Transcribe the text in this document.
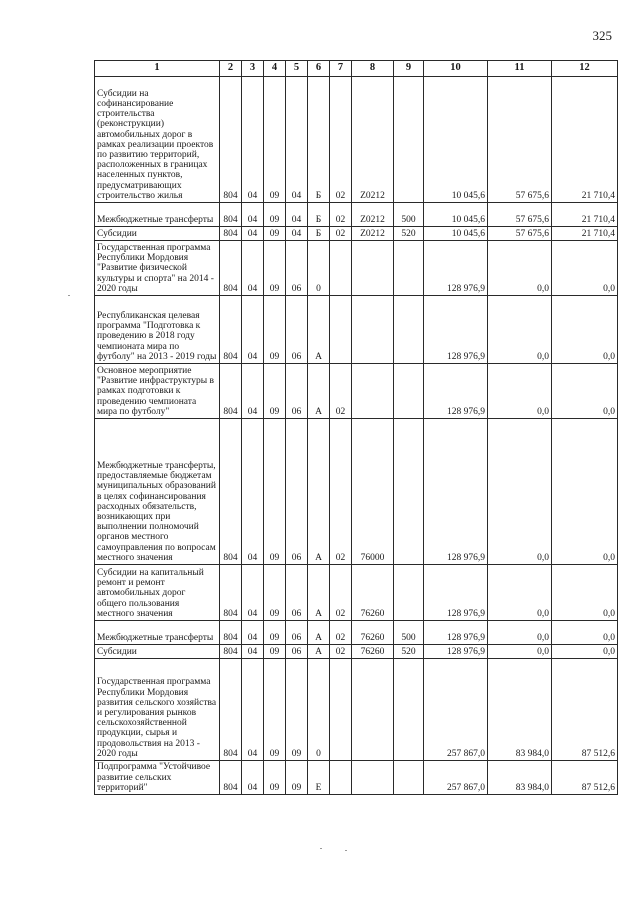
325
1	2	3	4	5	6	7	8	9	10	11	12
Субсидии на софинансирование строительства (реконструкции) автомобильных дорог в рамках реализации проектов по развитию территорий, расположенных в границах населенных пунктов, предусматривающих строительство жилья	804	04	09	04	Б	02	Z0212		10 045,6	57 675,6	21 710,4
Межбюджетные трансферты	804	04	09	04	Б	02	Z0212	500	10 045,6	57 675,6	21 710,4
Субсидии	804	04	09	04	Б	02	Z0212	520	10 045,6	57 675,6	21 710,4
Государственная программа Республики Мордовия "Развитие физической культуры и спорта" на 2014 - 2020 годы	804	04	09	06	0				128 976,9	0,0	0,0
Республиканская целевая программа "Подготовка к проведению в 2018 году чемпионата мира по футболу" на 2013 - 2019 годы	804	04	09	06	А				128 976,9	0,0	0,0
Основное мероприятие "Развитие инфраструктуры в рамках подготовки к проведению чемпионата мира по футболу"	804	04	09	06	А	02			128 976,9	0,0	0,0
Межбюджетные трансферты, предоставляемые бюджетам муниципальных образований в целях софинансирования расходных обязательств, возникающих при выполнении полномочий органов местного самоуправления по вопросам местного значения	804	04	09	06	А	02	76000		128 976,9	0,0	0,0
Субсидии на капитальный ремонт и ремонт автомобильных дорог общего пользования местного значения	804	04	09	06	А	02	76260		128 976,9	0,0	0,0
Межбюджетные трансферты	804	04	09	06	А	02	76260	500	128 976,9	0,0	0,0
Субсидии	804	04	09	06	А	02	76260	520	128 976,9	0,0	0,0
Государственная программа Республики Мордовия развития сельского хозяйства и регулирования рынков сельскохозяйственной продукции, сырья и продовольствия на 2013 - 2020 годы	804	04	09	09	0				257 867,0	83 984,0	87 512,6
Подпрограмма "Устойчивое развитие сельских территорий"	804	04	09	09	Е				257 867,0	83 984,0	87 512,6
